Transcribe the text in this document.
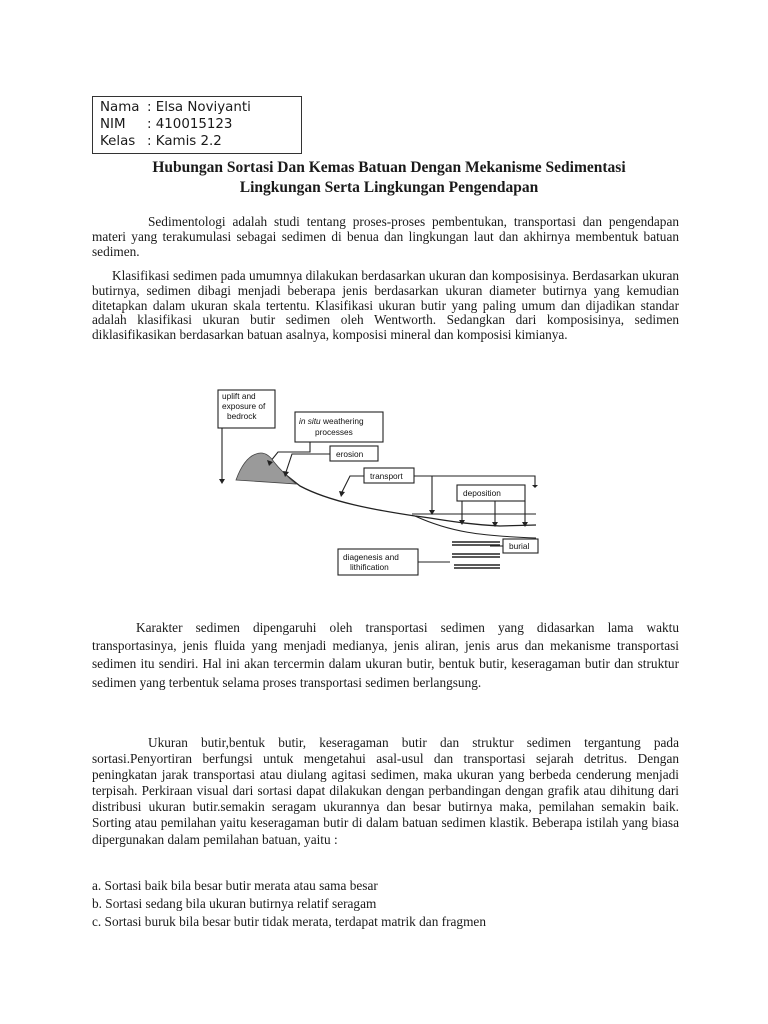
Nama : Elsa Noviyanti
NIM	: 410015123
Kelas : Kamis 2.2
Hubungan Sortasi Dan Kemas Batuan Dengan Mekanisme Sedimentasi
Lingkungan Serta Lingkungan Pengendapan

Sedimentologi adalah studi tentang proses-proses pembentukan, transportasi dan pengendapan materi yang terakumulasi sebagai sedimen di benua dan lingkungan laut dan akhirnya membentuk batuan sedimen.

Klasifikasi sedimen pada umumnya dilakukan berdasarkan ukuran dan komposisinya. Berdasarkan ukuran butirnya, sedimen dibagi menjadi beberapa jenis berdasarkan ukuran diameter butirnya yang kemudian ditetapkan dalam ukuran skala tertentu. Klasifikasi ukuran butir yang paling umum dan dijadikan standar adalah klasifikasi ukuran butir sedimen oleh Wentworth. Sedangkan dari komposisinya, sedimen diklasifikasikan berdasarkan batuan asalnya, komposisi mineral dan komposisi kimianya.

uplift and
exposure of
bedrock	in situ weathering
processes
erosion
transport
deposition
burial
diagenesis and
lithification

Karakter sedimen dipengaruhi oleh transportasi sedimen yang didasarkan lama waktu transportasinya, jenis fluida yang menjadi medianya, jenis aliran, jenis arus dan mekanisme transportasi sedimen itu sendiri. Hal ini akan tercermin dalam ukuran butir, bentuk butir, keseragaman butir dan struktur sedimen yang terbentuk selama proses transportasi sedimen berlangsung.

Ukuran butir,bentuk butir, keseragaman butir dan struktur sedimen tergantung pada sortasi.Penyortiran berfungsi untuk mengetahui asal-usul dan transportasi sejarah detritus. Dengan peningkatan jarak transportasi atau diulang agitasi sedimen, maka ukuran yang berbeda cenderung menjadi terpisah. Perkiraan visual dari sortasi dapat dilakukan dengan perbandingan dengan grafik atau dihitung dari distribusi ukuran butir.semakin seragam ukurannya dan besar butirnya maka, pemilahan semakin baik. Sorting atau pemilahan yaitu keseragaman butir di dalam batuan sedimen klastik. Beberapa istilah yang biasa dipergunakan dalam pemilahan batuan, yaitu :

a. Sortasi baik bila besar butir merata atau sama besar
b. Sortasi sedang bila ukuran butirnya relatif seragam
c. Sortasi buruk bila besar butir tidak merata, terdapat matrik dan fragmen
